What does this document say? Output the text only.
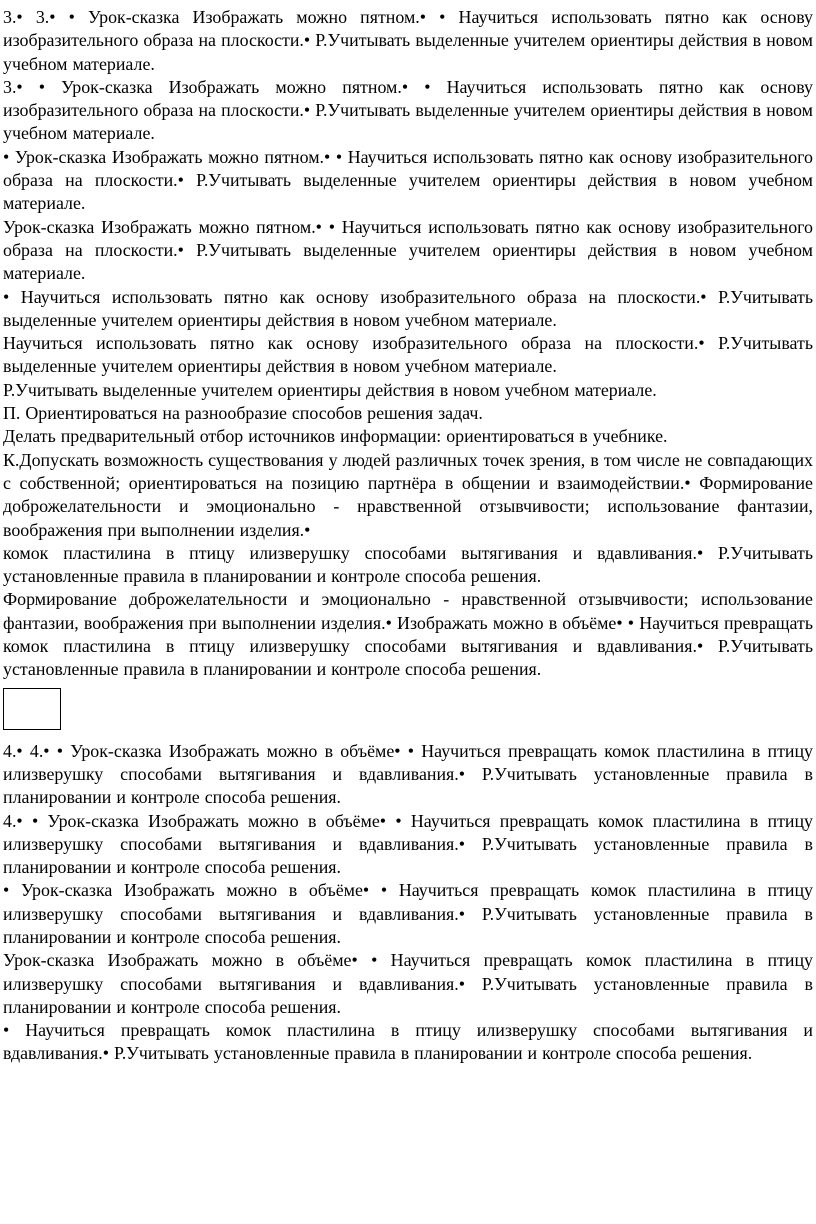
3.• 3.• • Урок-сказка Изображать можно пятном.• • Научиться использовать пятно как основу изобразительного образа на плоскости.• Р.Учитывать выделенные учителем ориентиры действия в новом учебном материале.

3.• • Урок-сказка Изображать можно пятном.• • Научиться использовать пятно как основу изобразительного образа на плоскости.• Р.Учитывать выделенные учителем ориентиры действия в новом учебном материале.

• Урок-сказка Изображать можно пятном.• • Научиться использовать пятно как основу изобразительного образа на плоскости.• Р.Учитывать выделенные учителем ориентиры действия в новом учебном материале.

Урок-сказка Изображать можно пятном.• • Научиться использовать пятно как основу изобразительного образа на плоскости.• Р.Учитывать выделенные учителем ориентиры действия в новом учебном материале.

• Научиться использовать пятно как основу изобразительного образа на плоскости.• Р.Учитывать выделенные учителем ориентиры действия в новом учебном материале.

Научиться использовать пятно как основу изобразительного образа на плоскости.• Р.Учитывать выделенные учителем ориентиры действия в новом учебном материале.

Р.Учитывать выделенные учителем ориентиры действия в новом учебном материале.

П. Ориентироваться на разнообразие способов решения задач.

Делать предварительный отбор источников информации: ориентироваться в учебнике.

К.Допускать возможность существования у людей различных точек зрения, в том числе не совпадающих с собственной; ориентироваться на позицию партнёра в общении и взаимодействии.• Формирование доброжелательности и эмоционально - нравственной отзывчивости; использование фантазии, воображения при выполнении изделия.•

комок пластилина в птицу илизверушку способами вытягивания и вдавливания.• Р.Учитывать установленные правила в планировании и контроле способа решения.

Формирование доброжелательности и эмоционально - нравственной отзывчивости; использование фантазии, воображения при выполнении изделия.• Изображать можно в объёме• • Научиться превращать комок пластилина в птицу илизверушку способами вытягивания и вдавливания.• Р.Учитывать установленные правила в планировании и контроле способа решения.

4.• 4.• • Урок-сказка Изображать можно в объёме• • Научиться превращать комок пластилина в птицу илизверушку способами вытягивания и вдавливания.• Р.Учитывать установленные правила в планировании и контроле способа решения.

4.• • Урок-сказка Изображать можно в объёме• • Научиться превращать комок пластилина в птицу илизверушку способами вытягивания и вдавливания.• Р.Учитывать установленные правила в планировании и контроле способа решения.

• Урок-сказка Изображать можно в объёме• • Научиться превращать комок пластилина в птицу илизверушку способами вытягивания и вдавливания.• Р.Учитывать установленные правила в планировании и контроле способа решения.

Урок-сказка Изображать можно в объёме• • Научиться превращать комок пластилина в птицу илизверушку способами вытягивания и вдавливания.• Р.Учитывать установленные правила в планировании и контроле способа решения.

• Научиться превращать комок пластилина в птицу илизверушку способами вытягивания и вдавливания.• Р.Учитывать установленные правила в планировании и контроле способа решения.
